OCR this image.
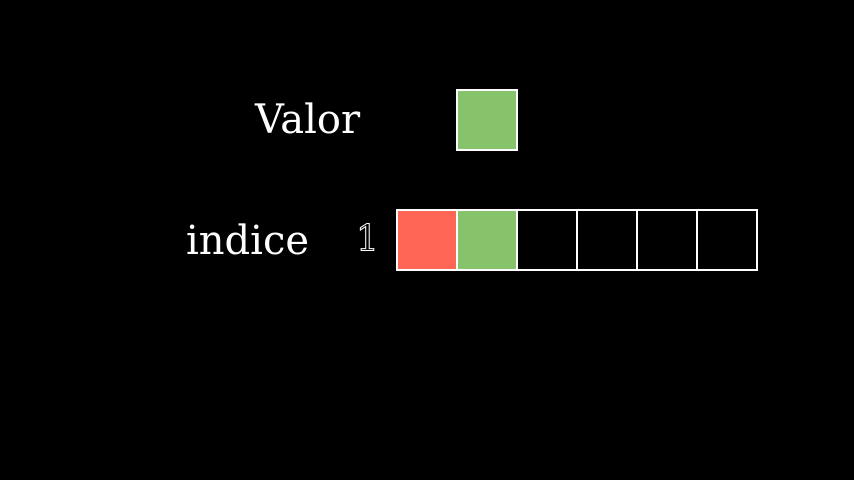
Valor
indice 1
